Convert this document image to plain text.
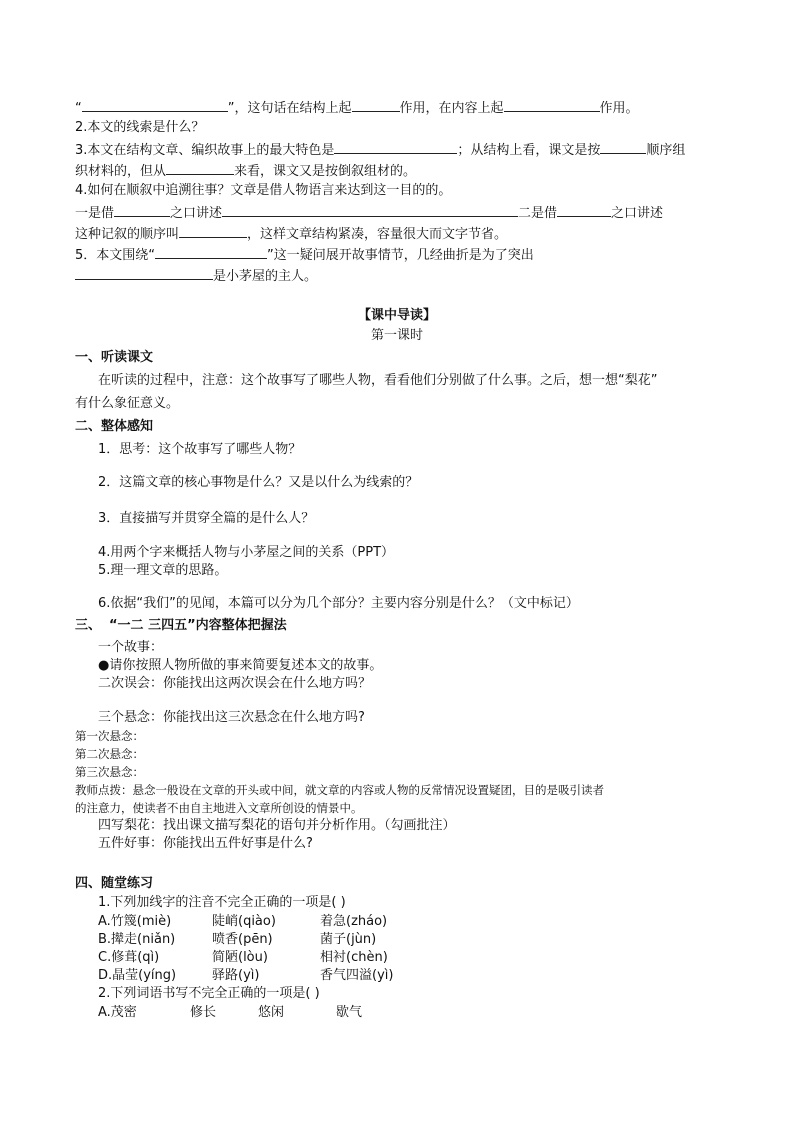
“	”，这句话在结构上起	作用，在内容上起	作用。
2.本文的线索是什么？
3.本文在结构文章、编织故事上的最大特色是	；从结构上看，课文是按	顺序组
织材料的，但从	来看，课文又是按倒叙组材的。
4.如何在顺叙中追溯往事？文章是借人物语言来达到这一目的的。
一是借	之口讲述	二是借	之口讲述
这种记叙的顺序叫	，这样文章结构紧凑，容量很大而文字节省。
5．本文围绕“	”这一疑问展开故事情节，几经曲折是为了突出
是小茅屋的主人。
【课中导读】
第一课时
一、听读课文
在听读的过程中，注意：这个故事写了哪些人物，看看他们分别做了什么事。之后，想一想“梨花”
有什么象征意义。
二、整体感知
1．思考：这个故事写了哪些人物？
2．这篇文章的核心事物是什么？又是以什么为线索的？
3．直接描写并贯穿全篇的是什么人？
4.用两个字来概括人物与小茅屋之间的关系（PPT）
5.理一理文章的思路。
6.依据“我们”的见闻，本篇可以分为几个部分？主要内容分别是什么？（文中标记）
三、 “一二 三四五”内容整体把握法
一个故事：
●请你按照人物所做的事来简要复述本文的故事。
二次误会：你能找出这两次误会在什么地方吗？
三个悬念：你能找出这三次悬念在什么地方吗?
第一次悬念：
第二次悬念：
第三次悬念：
教师点拨：悬念一般设在文章的开头或中间，就文章的内容或人物的反常情况设置疑团，目的是吸引读者
的注意力，使读者不由自主地进入文章所创设的情景中。
四写梨花：找出课文描写梨花的语句并分析作用。（勾画批注）
五件好事：你能找出五件好事是什么?
四、随堂练习
1.下列加线字的注音不完全正确的一项是( )
A.竹篾(miè)	陡峭(qiào)	着急(zháo)
B.撵走(niǎn)	喷香(pēn)	菌子(jùn)
C.修葺(qì)	简陋(lòu)	相衬(chèn)
D.晶莹(yíng)	驿路(yì)	香气四溢(yì)
2.下列词语书写不完全正确的一项是( )
A.茂密	修长	悠闲	歇气
